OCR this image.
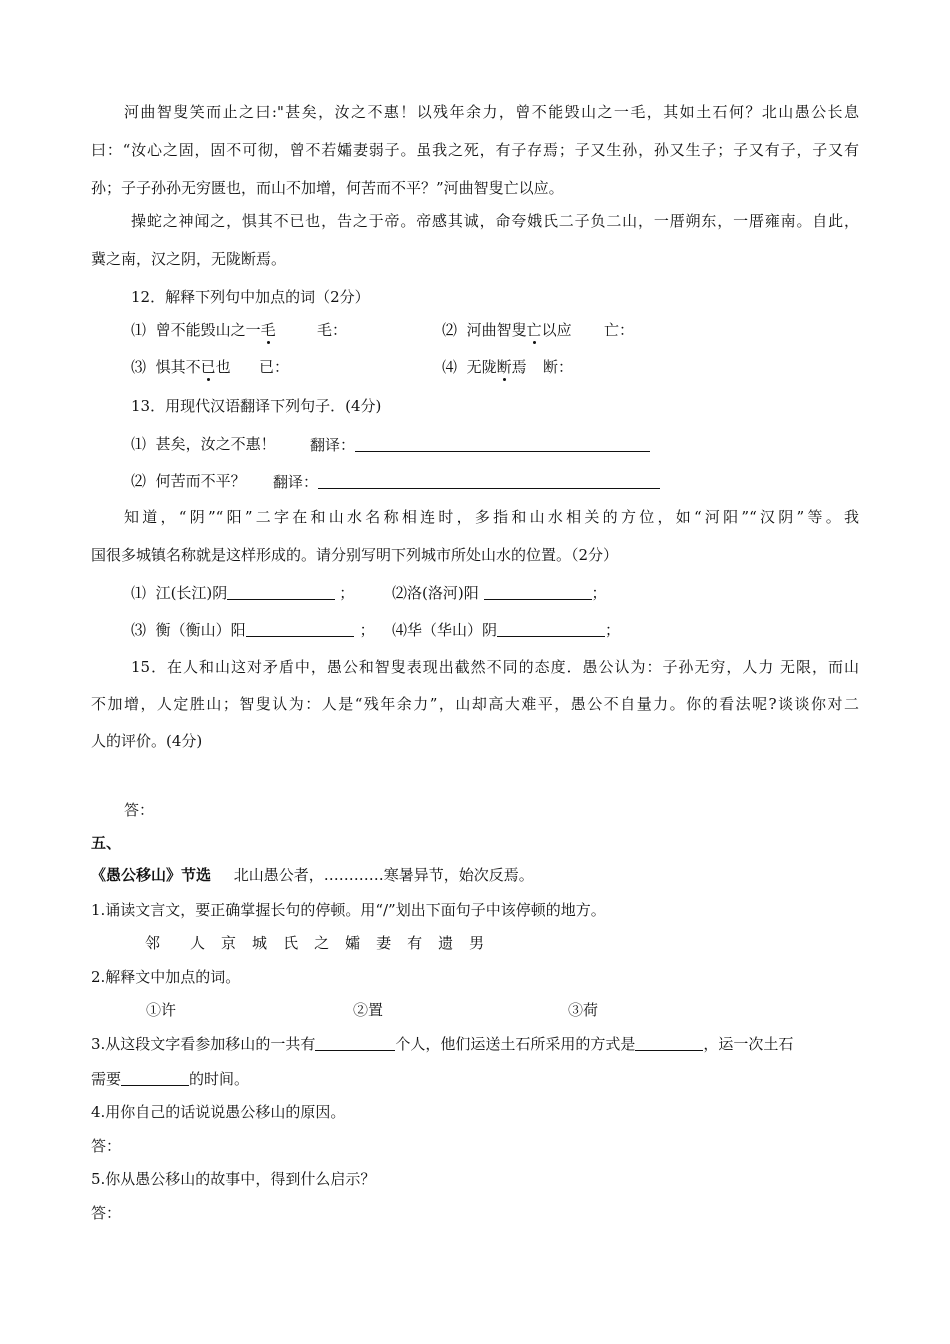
河曲智叟笑而止之曰:"甚矣，汝之不惠！以残年余力，曾不能毁山之一毛，其如土石何？北山愚公长息
曰：“汝心之固，固不可彻，曾不若孀妻弱子。虽我之死，有子存焉；子又生孙，孙又生子；子又有子，子又有
孙；子子孙孙无穷匮也，而山不加增，何苦而不平？”河曲智叟亡以应。
操蛇之神闻之，惧其不已也，告之于帝。帝感其诚，命夸娥氏二子负二山，一厝朔东，一厝雍南。自此，
冀之南，汉之阴，无陇断焉。
12．解释下列句中加点的词（2分）
⑴ 曾不能毁山之一毛	毛：	⑵ 河曲智叟亡以应 亡：
⑶ 惧其不已也 已：	⑷ 无陇断焉 断：
13．用现代汉语翻译下列句子．(4分)
⑴ 甚矣，汝之不惠！ 翻译：
⑵ 何苦而不平？ 翻译：
知道，“阴”“阳”二字在和山水名称相连时，多指和山水相关的方位，如“河阳”“汉阴”等。我
国很多城镇名称就是这样形成的。请分别写明下列城市所处山水的位置。（2分）
⑴ 江(长江)阴	；	⑵洛(洛河)阳	；
⑶ 衡（衡山）阳	； ⑷华（华山）阴	；
15．在人和山这对矛盾中，愚公和智叟表现出截然不同的态度．愚公认为：子孙无穷，人力 无限，而山
不加增，人定胜山；智叟认为：人是“残年余力”，山却高大难平，愚公不自量力。你的看法呢?谈谈你对二
人的评价。(4分)
答：
五、
《愚公移山》节选 北山愚公者，…………寒暑异节，始次反焉。
1.诵读文言文，要正确掌握长句的停顿。用“/”划出下面句子中该停顿的地方。
邻 人 京 城 氏 之 孀 妻 有 遗 男
2.解释文中加点的词。
①许	②置	③荷
3.从这段文字看参加移山的一共有	个人，他们运送土石所采用的方式是	，运一次土石
需要	的时间。
4.用你自己的话说说愚公移山的原因。
答：
5.你从愚公移山的故事中，得到什么启示？
答：
